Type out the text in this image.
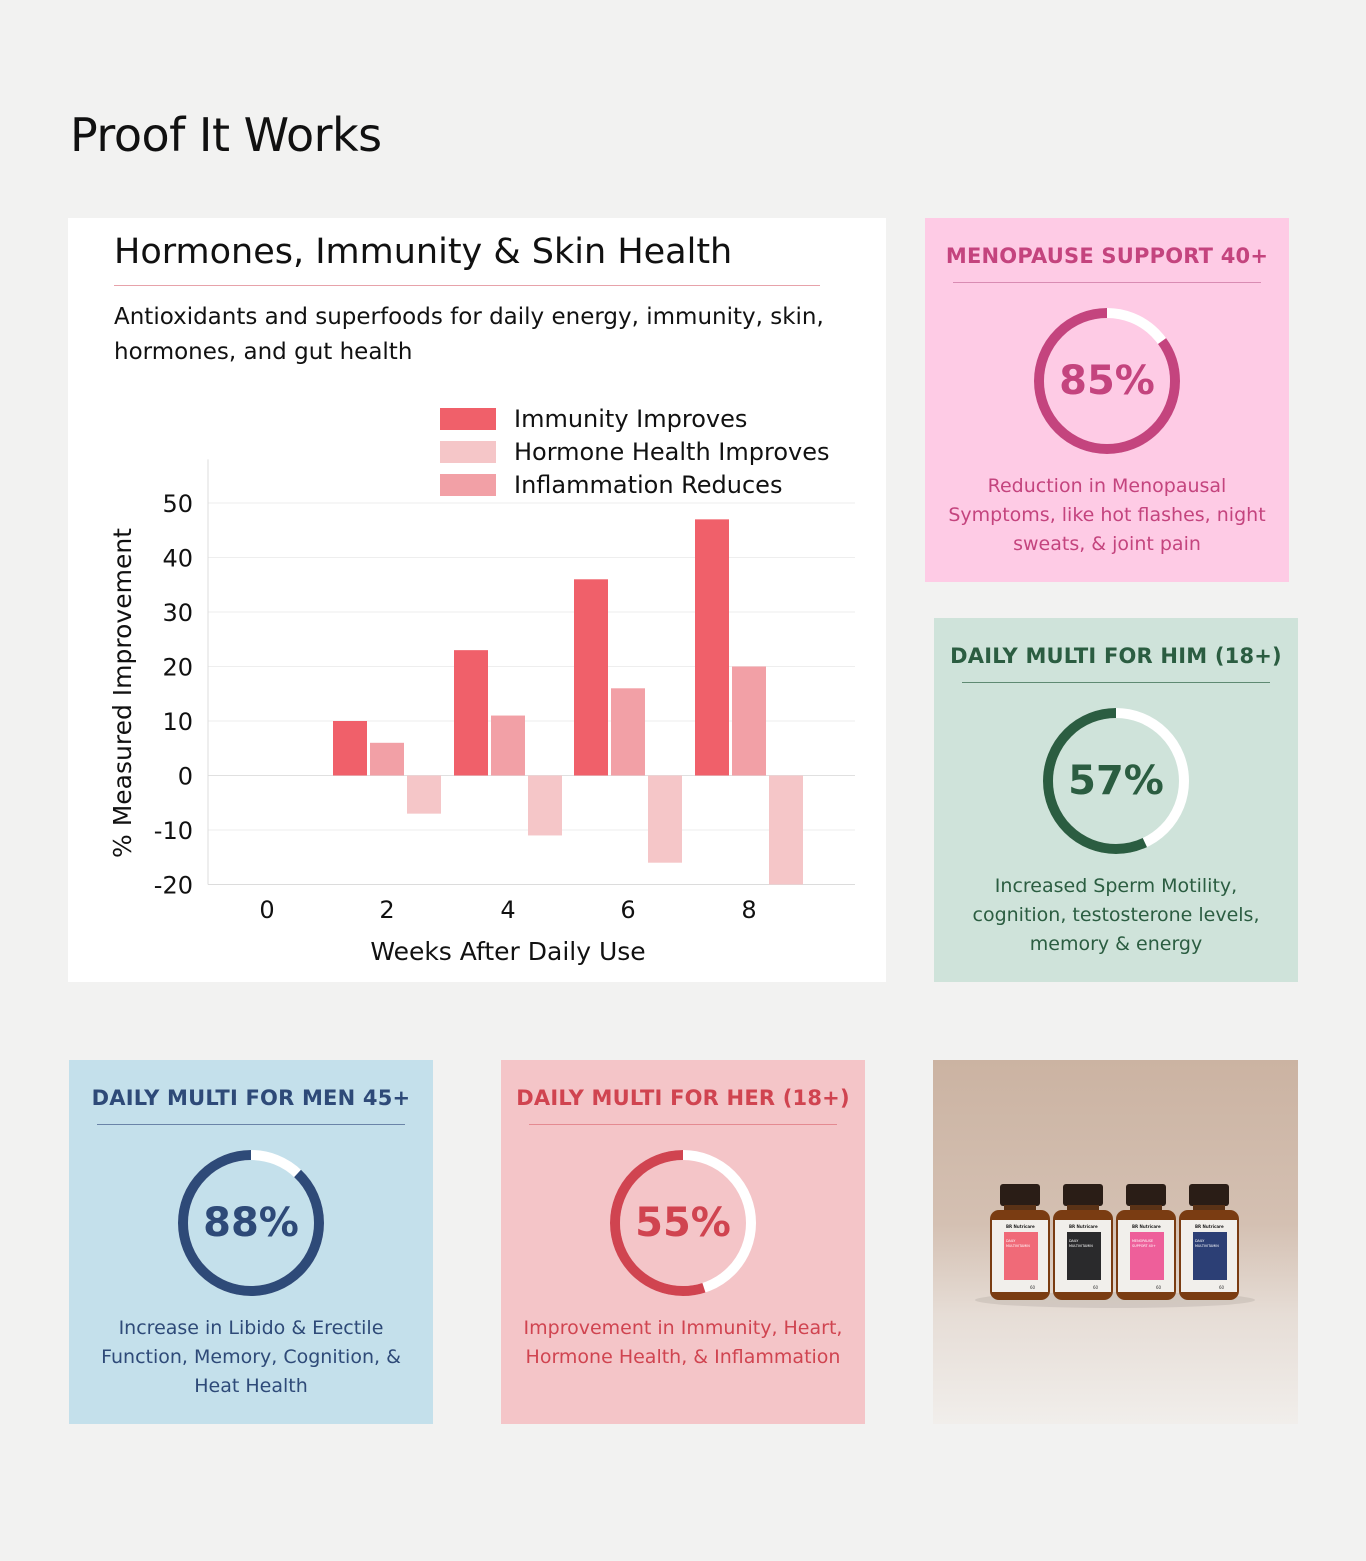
Proof It Works
Hormones, Immunity & Skin Health
Antioxidants and superfoods for daily energy, immunity, skin, hormones, and gut health
50
40
30
20
10
0
-10
-20
0	2	4	6	8
Weeks After Daily Use
% Measured Improvement
Immunity Improves
Hormone Health Improves
Inflammation Reduces
MENOPAUSE SUPPORT 40+
85%
Reduction in Menopausal Symptoms, like hot flashes, night sweats, & joint pain
DAILY MULTI FOR HIM (18+)
57%
Increased Sperm Motility, cognition, testosterone levels, memory & energy
DAILY MULTI FOR MEN 45+
88%
Increase in Libido & Erectile Function, Memory, Cognition, & Heat Health
DAILY MULTI FOR HER (18+)
55%
Improvement in Immunity, Heart, Hormone Health, & Inflammation
BR Nutricare
DAILY
MULTIVITAMIN
60
BR Nutricare
DAILY
MULTIVITAMIN
60
BR Nutricare
MENOPAUSE
SUPPORT 40+
60
BR Nutricare
DAILY
MULTIVITAMIN
60
